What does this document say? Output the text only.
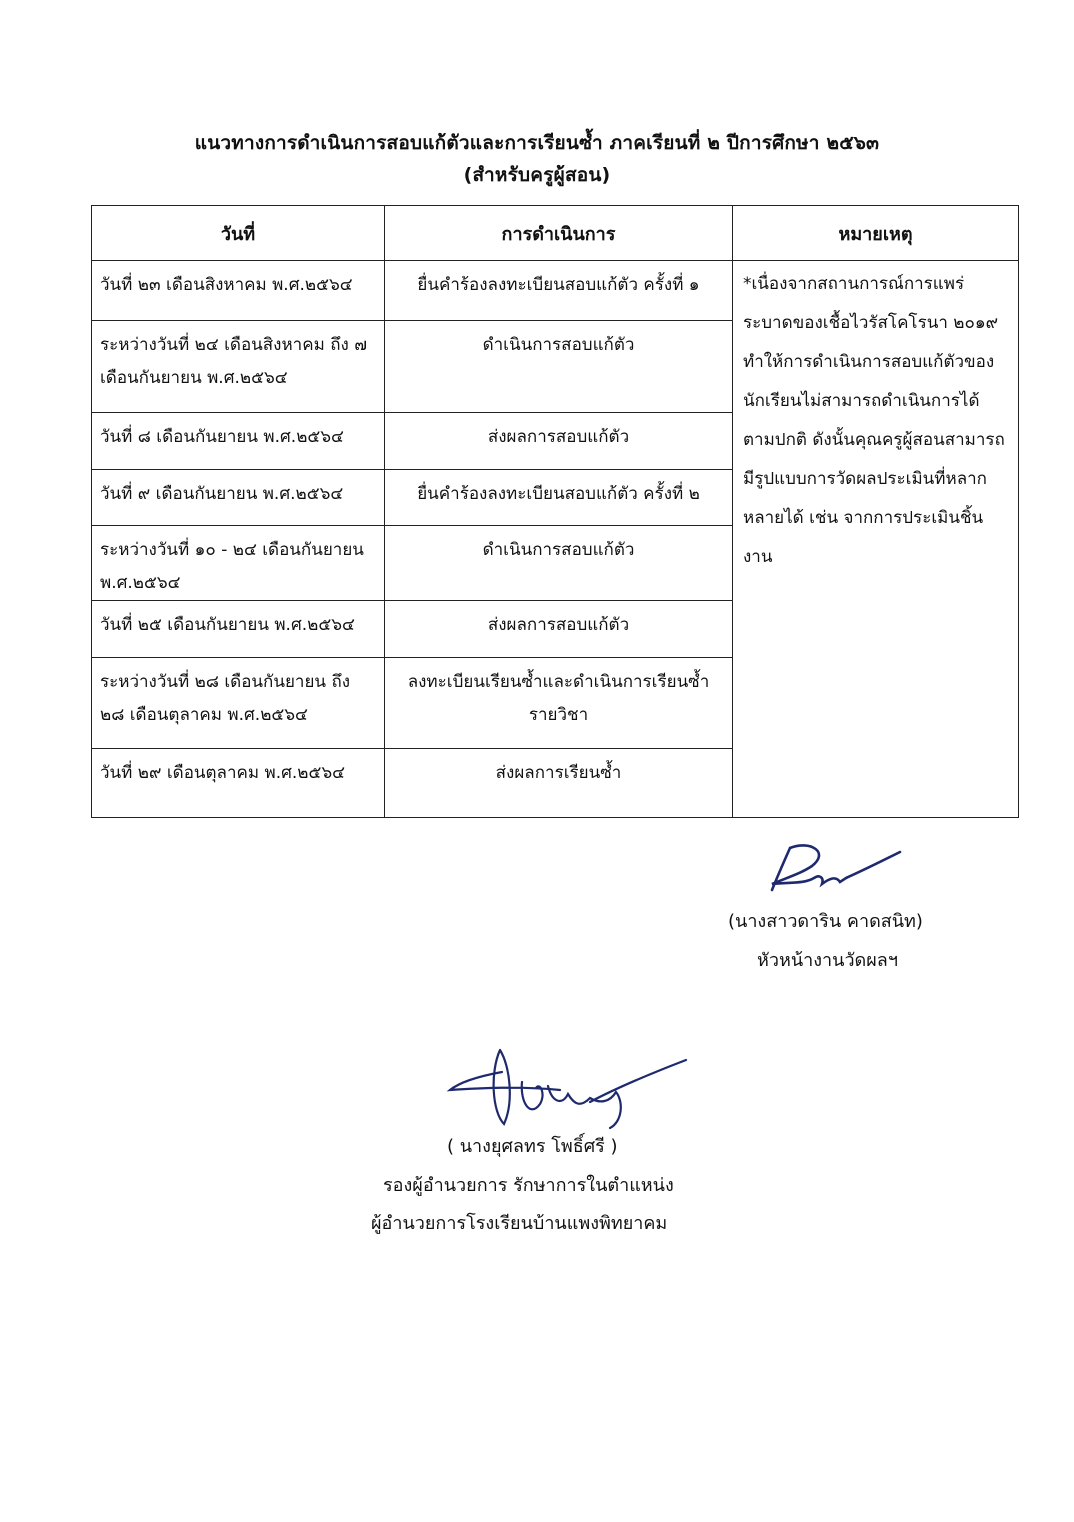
แนวทางการดำเนินการสอบแก้ตัวและการเรียนซ้ำ ภาคเรียนที่ ๒ ปีการศึกษา ๒๕๖๓
(สำหรับครูผู้สอน)
วันที่	การดำเนินการ	หมายเหตุ
วันที่ ๒๓ เดือนสิงหาคม พ.ศ.๒๕๖๔	ยื่นคำร้องลงทะเบียนสอบแก้ตัว ครั้งที่ ๑	*เนื่องจากสถานการณ์การแพร่ระบาดของเชื้อไวรัสโคโรนา ๒๐๑๙ ทำให้การดำเนินการสอบแก้ตัวของนักเรียนไม่สามารถดำเนินการได้ตามปกติ ดังนั้นคุณครูผู้สอนสามารถมีรูปแบบการวัดผลประเมินที่หลากหลายได้ เช่น จากการประเมินชิ้นงาน
ระหว่างวันที่ ๒๔ เดือนสิงหาคม ถึง ๗ เดือนกันยายน พ.ศ.๒๕๖๔	ดำเนินการสอบแก้ตัว	
วันที่ ๘ เดือนกันยายน พ.ศ.๒๕๖๔	ส่งผลการสอบแก้ตัว	
วันที่ ๙ เดือนกันยายน พ.ศ.๒๕๖๔	ยื่นคำร้องลงทะเบียนสอบแก้ตัว ครั้งที่ ๒	
ระหว่างวันที่ ๑๐ - ๒๔ เดือนกันยายน พ.ศ.๒๕๖๔	ดำเนินการสอบแก้ตัว	
วันที่ ๒๕ เดือนกันยายน พ.ศ.๒๕๖๔	ส่งผลการสอบแก้ตัว	
ระหว่างวันที่ ๒๘ เดือนกันยายน ถึง ๒๘ เดือนตุลาคม พ.ศ.๒๕๖๔	ลงทะเบียนเรียนซ้ำและดำเนินการเรียนซ้ำ รายวิชา	
วันที่ ๒๙ เดือนตุลาคม พ.ศ.๒๕๖๔	ส่งผลการเรียนซ้ำ	
(นางสาวดาริน คาดสนิท)
หัวหน้างานวัดผลฯ
( นางยุศลทร โพธิ์ศรี )
รองผู้อำนวยการ รักษาการในตำแหน่ง
ผู้อำนวยการโรงเรียนบ้านแพงพิทยาคม
